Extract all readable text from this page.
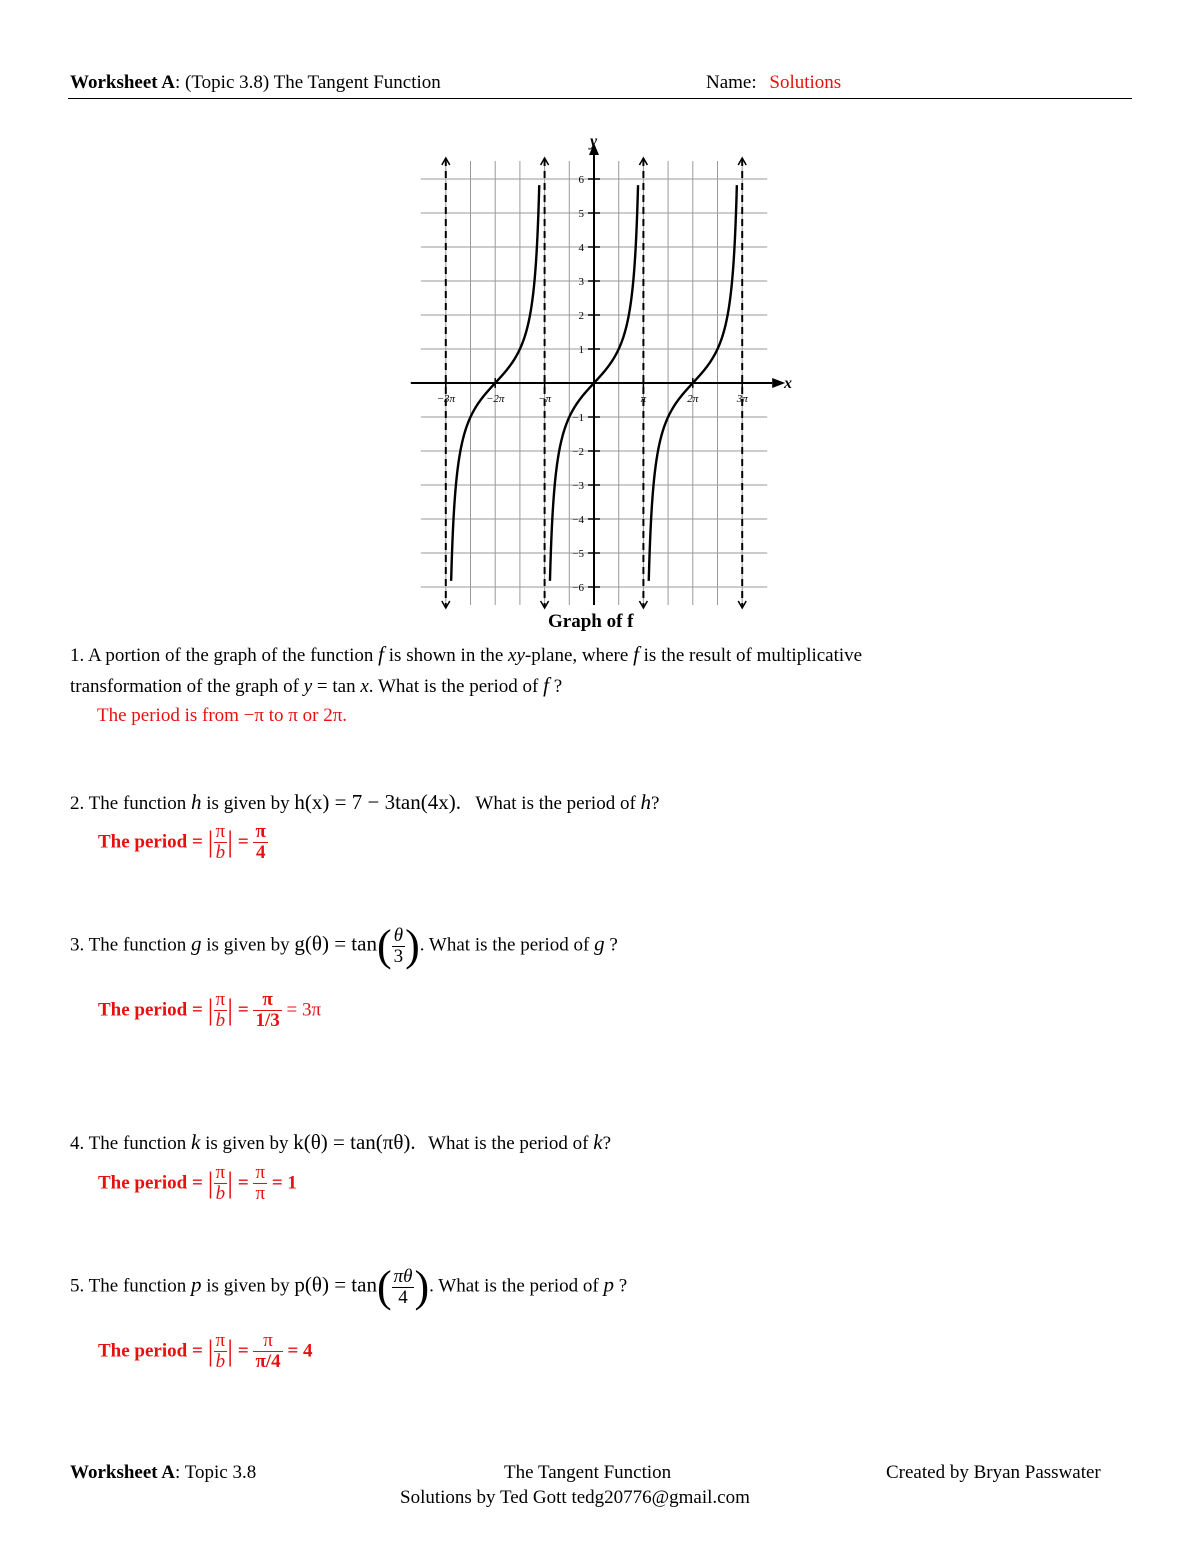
Worksheet A: (Topic 3.8) The Tangent Function	Name: Solutions
6
5
4
3
2
1
−1
−2
−3
−4
−5
−6
−3π	−2π	−π	π	2π	3π
x
y
Graph of f
1. A portion of the graph of the function f is shown in the xy-plane, where f is the result of multiplicative
transformation of the graph of y = tan x. What is the period of f ?
The period is from −π to π or 2π.
2. The function h is given by h(x) = 7 − 3tan(4x). What is the period of h?
The period = | $\frac{\pi}{b}$ | = $\frac{\pi}{4}$
3. The function g is given by $g(\theta) = \tan( \frac{\theta}{3}$ ). What is the period of g ?
The period = | $\frac{\pi}{b}$ | = $\frac{\pi}{1/3} = 3\pi$
4. The function k is given by k(θ) = tan(πθ). What is the period of k?
The period = | $\frac{\pi}{b}$ | = $\frac{\pi}{\pi} = 1$
5. The function p is given by $p(\theta) = \tan( \frac{\pi\theta}{4}$ ). What is the period of p ?
The period = | $\frac{\pi}{b}$ | = $\frac{\pi}{\pi/4} = 4$
Worksheet A: Topic 3.8	The Tangent Function	Created by Bryan Passwater
Solutions by Ted Gott tedg20776@gmail.com
